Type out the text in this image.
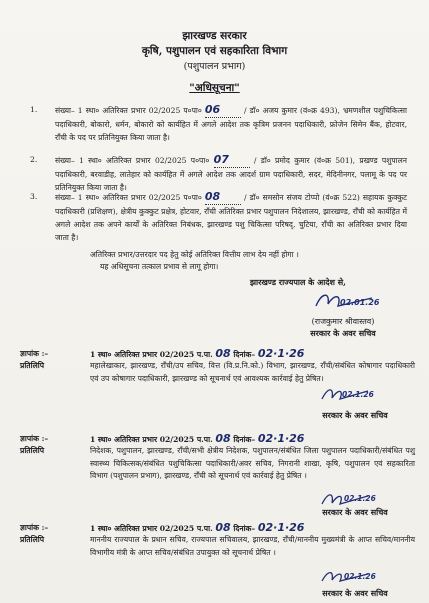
झारखण्ड सरकार
कृषि, पशुपालन एवं सहकारिता विभाग
(पशुपालन प्रभाग)
"अधिसूचना"
1.	संख्या– 1 स्था० अतिरिक्त प्रभार 02/2025 प०पा० 06	/ डॉ० अजय कुमार (वं०क्र 493), भ्रमणशील पशुचिकित्सा पदाधिकारी, बोकारो, धर्मन, बोकारो को कार्यहित में अगले आदेश तक कृत्रिम प्रजनन पदाधिकारी, फ्रोजेन सिमेन बैंक, होटवार, राँची के पद पर प्रतिनियुक्त किया जाता है।
2.	संख्या– 1 स्था० अतिरिक्त प्रभार 02/2025 प०पा० 07	/ डॉ० प्रमोद कुमार (वं०क्र 501), प्रखण्ड पशुपालन पदाधिकारी, बरवाडीह, लातेहार को कार्यहित में अगले आदेश तक आदर्श ग्राम पदाधिकारी, सदर, मेदिनीनगर, पलामू के पद पर प्रतिनियुक्त किया जाता है।
3.	संख्या– 1 स्था० अतिरिक्त प्रभार 02/2025 प०पा० 08	/ डॉ० समसोन संजय टोप्पो (वं०क्र 522) सहायक कुक्कुट पदाधिकारी (प्रशिक्षण), क्षेत्रीय कुक्कुट प्रक्षेत्र, होटवार, राँची अतिरिक्त प्रभार पशुपालन निदेशालय, झारखण्ड, राँची को कार्यहित में अगले आदेश तक अपने कार्यों के अतिरिक्त निबंधक, झारखण्ड पशु चिकित्सा परिषद्, चुटिया, राँची का अतिरिक्त प्रभार दिया जाता है।
अतिरिक्त प्रभार/उत्तरदार पद हेतु कोई अतिरिक्त वित्तीय लाभ देय नहीं होगा ।
यह अधिसूचना तत्काल प्रभाव से लागू होगा।
झारखण्ड राज्यपाल के आदेश से,
02.01.26
(राजकुमार श्रीवास्तव)
सरकार के अवर सचिव
ज्ञापांक :–
प्रतिलिपि
1 स्था० अतिरिक्त प्रभार 02/2025 प.पा. 08 दिनांक– 02·1·26
महालेखाकार, झारखण्ड, राँची/उप सचिव, वित्त (वि.प्र.नि.को.) विभाग, झारखण्ड, राँची/संबंधित कोषागार पदाधिकारी एवं उप कोषागार पदाधिकारी, झारखण्ड को सूचनार्थ एवं आवश्यक कार्रवाई हेतु प्रेषित।
02.1.26
सरकार के अवर सचिव
ज्ञापांक :–
प्रतिलिपि
1 स्था० अतिरिक्त प्रभार 02/2025 प.पा. 08 दिनांक– 02·1·26
निदेशक, पशुपालन, झारखण्ड, राँची/सभी क्षेत्रीय निदेशक, पशुपालन/संबंधित जिला पशुपालन पदाधिकारी/संबंधित पशु स्वास्थ्य चिकित्सक/संबंधित पशुचिकित्सा पदाधिकारी/अवर सचिव, निगरानी शाखा, कृषि, पशुपालन एवं सहकारिता विभाग (पशुपालन प्रभाग), झारखण्ड, राँची को सूचनार्थ एवं कार्रवाई हेतु प्रेषित ।
02.1.26
सरकार के अवर सचिव
ज्ञापांक :–
प्रतिलिपि
1 स्था० अतिरिक्त प्रभार 02/2025 प.पा. 08 दिनांक– 02·1·26
माननीय राज्यपाल के प्रधान सचिव, राज्यपाल सचिवालय, झारखण्ड, राँची/माननीय मुख्यमंत्री के आप्त सचिव/माननीय विभागीय मंत्री के आप्त सचिव/संबंधित उपायुक्त को सूचनार्थ प्रेषित ।
02.1.26
सरकार के अवर सचिव
